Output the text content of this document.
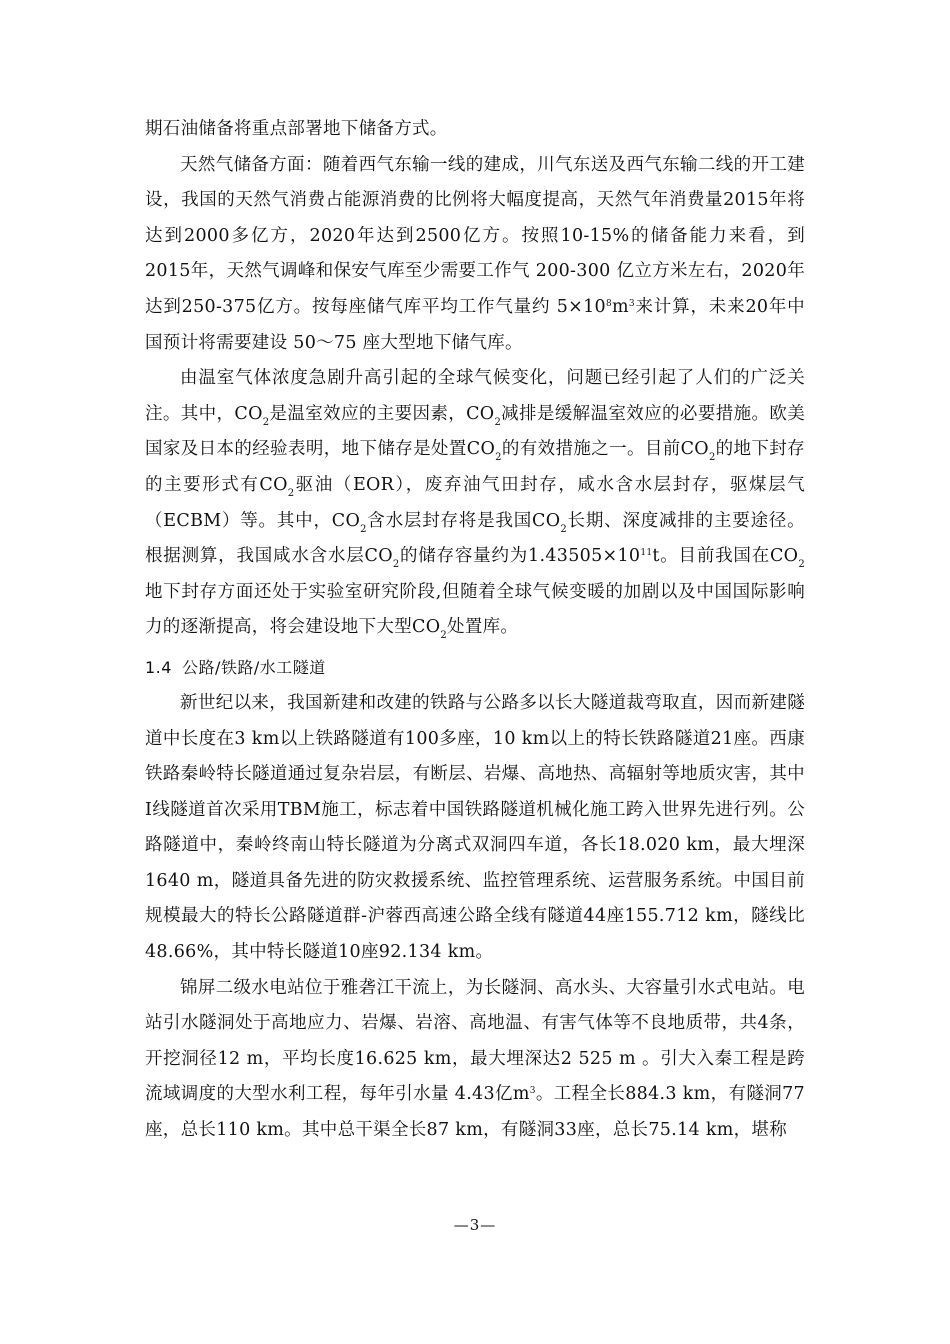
期石油储备将重点部署地下储备方式。

天然气储备方面：随着西气东输一线的建成，川气东送及西气东输二线的开工建设，我国的天然气消费占能源消费的比例将大幅度提高，天然气年消费量2015年将达到2000多亿方，2020年达到2500亿方。按照10-15%的储备能力来看，到2015年，天然气调峰和保安气库至少需要工作气 200-300 亿立方米左右，2020年达到250-375亿方。按每座储气库平均工作气量约 $5\times 10^8m^3$来计算，未来20年中国预计将需要建设 50～75 座大型地下储气库。

由温室气体浓度急剧升高引起的全球气候变化，问题已经引起了人们的广泛关注。其中，$CO_2$是温室效应的主要因素，$CO_2$减排是缓解温室效应的必要措施。欧美国家及日本的经验表明，地下储存是处置$CO_2$的有效措施之一。目前$CO_2$的地下封存的主要形式有$CO_2$驱油（EOR），废弃油气田封存，咸水含水层封存，驱煤层气（ECBM）等。其中，$CO_2$含水层封存将是我国$CO_2$长期、深度减排的主要途径。根据测算，我国咸水含水层$CO_2$的储存容量约为$1.43505\times 10^{11}t$。目前我国在$CO_2$地下封存方面还处于实验室研究阶段,但随着全球气候变暖的加剧以及中国国际影响力的逐渐提高，将会建设地下大型$CO_2$处置库。

1.4 公路/铁路/水工隧道

新世纪以来，我国新建和改建的铁路与公路多以长大隧道裁弯取直，因而新建隧道中长度在3 km以上铁路隧道有100多座，10 km以上的特长铁路隧道21座。西康铁路秦岭特长隧道通过复杂岩层，有断层、岩爆、高地热、高辐射等地质灾害，其中Ⅰ线隧道首次采用TBM施工，标志着中国铁路隧道机械化施工跨入世界先进行列。公路隧道中，秦岭终南山特长隧道为分离式双洞四车道，各长18.020 km，最大埋深1640 m，隧道具备先进的防灾救援系统、监控管理系统、运营服务系统。中国目前规模最大的特长公路隧道群-沪蓉西高速公路全线有隧道44座155.712 km，隧线比48.66%，其中特长隧道10座92.134 km。

锦屏二级水电站位于雅砻江干流上，为长隧洞、高水头、大容量引水式电站。电站引水隧洞处于高地应力、岩爆、岩溶、高地温、有害气体等不良地质带，共4条，开挖洞径12 m，平均长度16.625 km，最大埋深达2 525 m 。引大入秦工程是跨流域调度的大型水利工程，每年引水量 4.43亿$m^3$。工程全长884.3 km，有隧洞77座，总长110 km。其中总干渠全长87 km，有隧洞33座，总长75.14 km，堪称

—3—
